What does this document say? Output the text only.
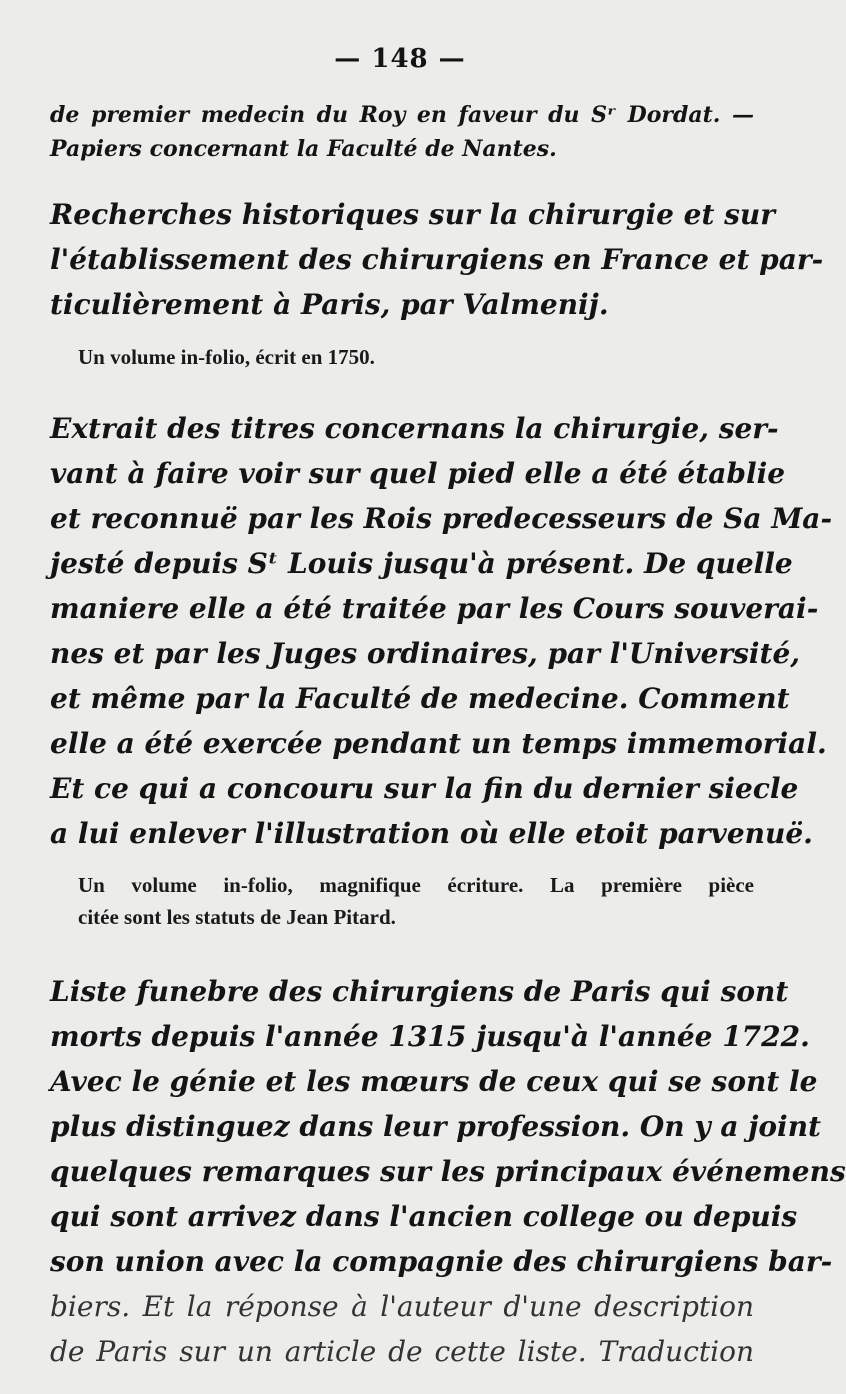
— 148 —
de premier medecin du Roy en faveur du Sʳ Dordat. —
Papiers concernant la Faculté de Nantes.
Recherches historiques sur la chirurgie et sur
l'établissement des chirurgiens en France et par-
ticulièrement à Paris, par Valmenij.
Un volume in-folio, écrit en 1750.
Extrait des titres concernans la chirurgie, ser-
vant à faire voir sur quel pied elle a été établie
et reconnuë par les Rois predecesseurs de Sa Ma-
jesté depuis Sᵗ Louis jusqu'à présent. De quelle
maniere elle a été traitée par les Cours souverai-
nes et par les Juges ordinaires, par l'Université,
et même par la Faculté de medecine. Comment
elle a été exercée pendant un temps immemorial.
Et ce qui a concouru sur la fin du dernier siecle
a lui enlever l'illustration où elle etoit parvenuë.
Un volume in-folio, magnifique écriture. La première pièce
citée sont les statuts de Jean Pitard.
Liste funebre des chirurgiens de Paris qui sont
morts depuis l'année 1315 jusqu'à l'année 1722.
Avec le génie et les mœurs de ceux qui se sont le
plus distinguez dans leur profession. On y a joint
quelques remarques sur les principaux événemens
qui sont arrivez dans l'ancien college ou depuis
son union avec la compagnie des chirurgiens bar-
biers. Et la réponse à l'auteur d'une description
de Paris sur un article de cette liste. Traduction
